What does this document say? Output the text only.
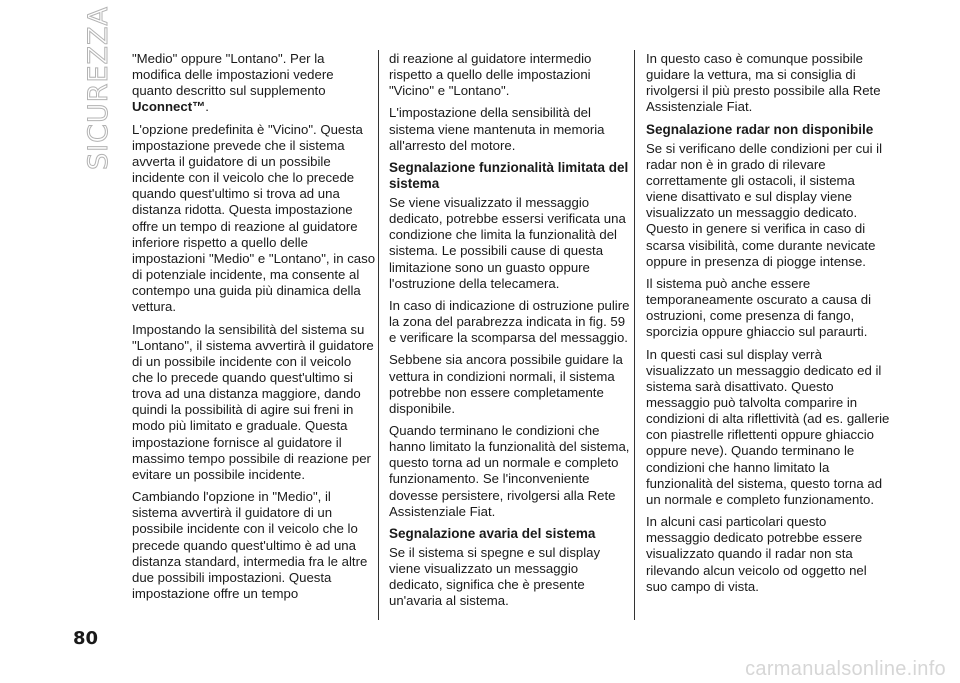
SICUREZZA "Medio" oppure "Lontano". Per la modifica delle impostazioni vedere quanto descritto sul supplemento Uconnect™.

L'opzione predefinita è "Vicino". Questa impostazione prevede che il sistema avverta il guidatore di un possibile incidente con il veicolo che lo precede quando quest'ultimo si trova ad una distanza ridotta. Questa impostazione offre un tempo di reazione al guidatore inferiore rispetto a quello delle impostazioni "Medio" e "Lontano", in caso di potenziale incidente, ma consente al contempo una guida più dinamica della vettura.

Impostando la sensibilità del sistema su "Lontano", il sistema avvertirà il guidatore di un possibile incidente con il veicolo che lo precede quando quest'ultimo si trova ad una distanza maggiore, dando quindi la possibilità di agire sui freni in modo più limitato e graduale. Questa impostazione fornisce al guidatore il massimo tempo possibile di reazione per evitare un possibile incidente.

Cambiando l'opzione in "Medio", il sistema avvertirà il guidatore di un possibile incidente con il veicolo che lo precede quando quest'ultimo è ad una distanza standard, intermedia fra le altre due possibili impostazioni. Questa impostazione offre un tempo

di reazione al guidatore intermedio rispetto a quello delle impostazioni "Vicino" e "Lontano".

L'impostazione della sensibilità del sistema viene mantenuta in memoria all'arresto del motore.

Segnalazione funzionalità limitata del sistema

Se viene visualizzato il messaggio dedicato, potrebbe essersi verificata una condizione che limita la funzionalità del sistema. Le possibili cause di questa limitazione sono un guasto oppure l'ostruzione della telecamera.

In caso di indicazione di ostruzione pulire la zona del parabrezza indicata in fig. 59 e verificare la scomparsa del messaggio.

Sebbene sia ancora possibile guidare la vettura in condizioni normali, il sistema potrebbe non essere completamente disponibile.

Quando terminano le condizioni che hanno limitato la funzionalità del sistema, questo torna ad un normale e completo funzionamento. Se l'inconveniente dovesse persistere, rivolgersi alla Rete Assistenziale Fiat.

Segnalazione avaria del sistema

Se il sistema si spegne e sul display viene visualizzato un messaggio dedicato, significa che è presente un'avaria al sistema.

In questo caso è comunque possibile guidare la vettura, ma si consiglia di rivolgersi il più presto possibile alla Rete Assistenziale Fiat.

Segnalazione radar non disponibile

Se si verificano delle condizioni per cui il radar non è in grado di rilevare correttamente gli ostacoli, il sistema viene disattivato e sul display viene visualizzato un messaggio dedicato. Questo in genere si verifica in caso di scarsa visibilità, come durante nevicate oppure in presenza di piogge intense.

Il sistema può anche essere temporaneamente oscurato a causa di ostruzioni, come presenza di fango, sporcizia oppure ghiaccio sul paraurti.

In questi casi sul display verrà visualizzato un messaggio dedicato ed il sistema sarà disattivato. Questo messaggio può talvolta comparire in condizioni di alta riflettività (ad es. gallerie con piastrelle riflettenti oppure ghiaccio oppure neve). Quando terminano le condizioni che hanno limitato la funzionalità del sistema, questo torna ad un normale e completo funzionamento.

In alcuni casi particolari questo messaggio dedicato potrebbe essere visualizzato quando il radar non sta rilevando alcun veicolo od oggetto nel suo campo di vista.

80
carmanualsonline.info
